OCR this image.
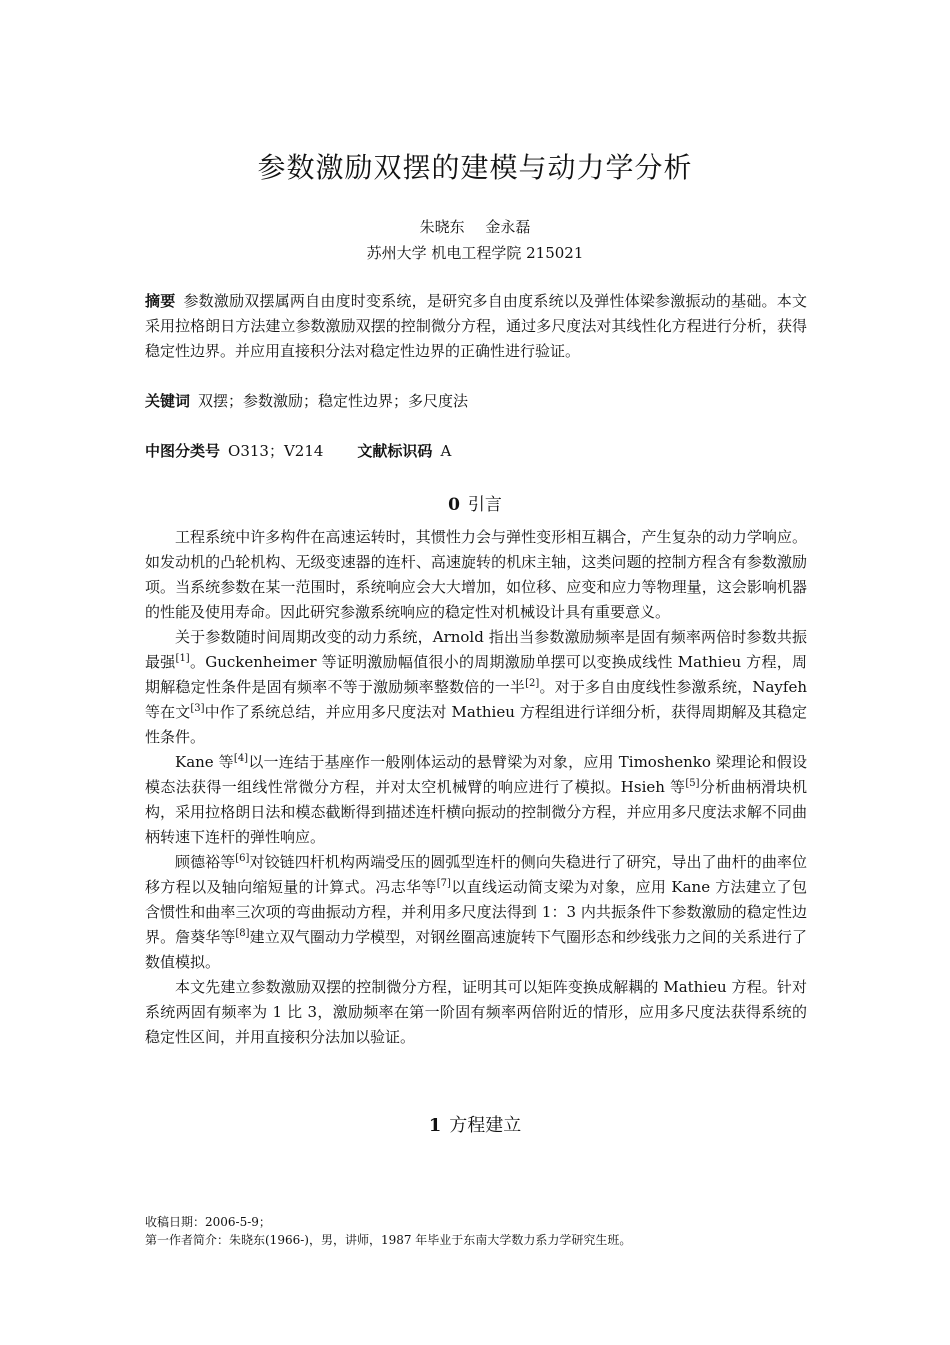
参数激励双摆的建模与动力学分析
朱晓东 金永磊
苏州大学 机电工程学院 215021
摘要 参数激励双摆属两自由度时变系统，是研究多自由度系统以及弹性体梁参激振动的基础。本文采用拉格朗日方法建立参数激励双摆的控制微分方程，通过多尺度法对其线性化方程进行分析，获得稳定性边界。并应用直接积分法对稳定性边界的正确性进行验证。
关键词 双摆；参数激励；稳定性边界；多尺度法
中图分类号 O313；V214 文献标识码 A
0 引言

工程系统中许多构件在高速运转时，其惯性力会与弹性变形相互耦合，产生复杂的动力学响应。如发动机的凸轮机构、无级变速器的连杆、高速旋转的机床主轴，这类问题的控制方程含有参数激励项。当系统参数在某一范围时，系统响应会大大增加，如位移、应变和应力等物理量，这会影响机器的性能及使用寿命。因此研究参激系统响应的稳定性对机械设计具有重要意义。

关于参数随时间周期改变的动力系统，Arnold 指出当参数激励频率是固有频率两倍时参数共振最强[1]。Guckenheimer 等证明激励幅值很小的周期激励单摆可以变换成线性 Mathieu 方程，周期解稳定性条件是固有频率不等于激励频率整数倍的一半[2]。对于多自由度线性参激系统，Nayfeh 等在文[3]中作了系统总结，并应用多尺度法对 Mathieu 方程组进行详细分析，获得周期解及其稳定性条件。

Kane 等[4]以一连结于基座作一般刚体运动的悬臂梁为对象，应用 Timoshenko 梁理论和假设模态法获得一组线性常微分方程，并对太空机械臂的响应进行了模拟。Hsieh 等[5]分析曲柄滑块机构，采用拉格朗日法和模态截断得到描述连杆横向振动的控制微分方程，并应用多尺度法求解不同曲柄转速下连杆的弹性响应。

顾德裕等[6]对铰链四杆机构两端受压的圆弧型连杆的侧向失稳进行了研究，导出了曲杆的曲率位移方程以及轴向缩短量的计算式。冯志华等[7]以直线运动简支梁为对象，应用 Kane 方法建立了包含惯性和曲率三次项的弯曲振动方程，并利用多尺度法得到 1：3 内共振条件下参数激励的稳定性边界。詹葵华等[8]建立双气圈动力学模型，对钢丝圈高速旋转下气圈形态和纱线张力之间的关系进行了数值模拟。

本文先建立参数激励双摆的控制微分方程，证明其可以矩阵变换成解耦的 Mathieu 方程。针对系统两固有频率为 1 比 3，激励频率在第一阶固有频率两倍附近的情形，应用多尺度法获得系统的稳定性区间，并用直接积分法加以验证。

1 方程建立
收稿日期：2006-5-9；
第一作者简介：朱晓东(1966-)，男，讲师，1987 年毕业于东南大学数力系力学研究生班。
